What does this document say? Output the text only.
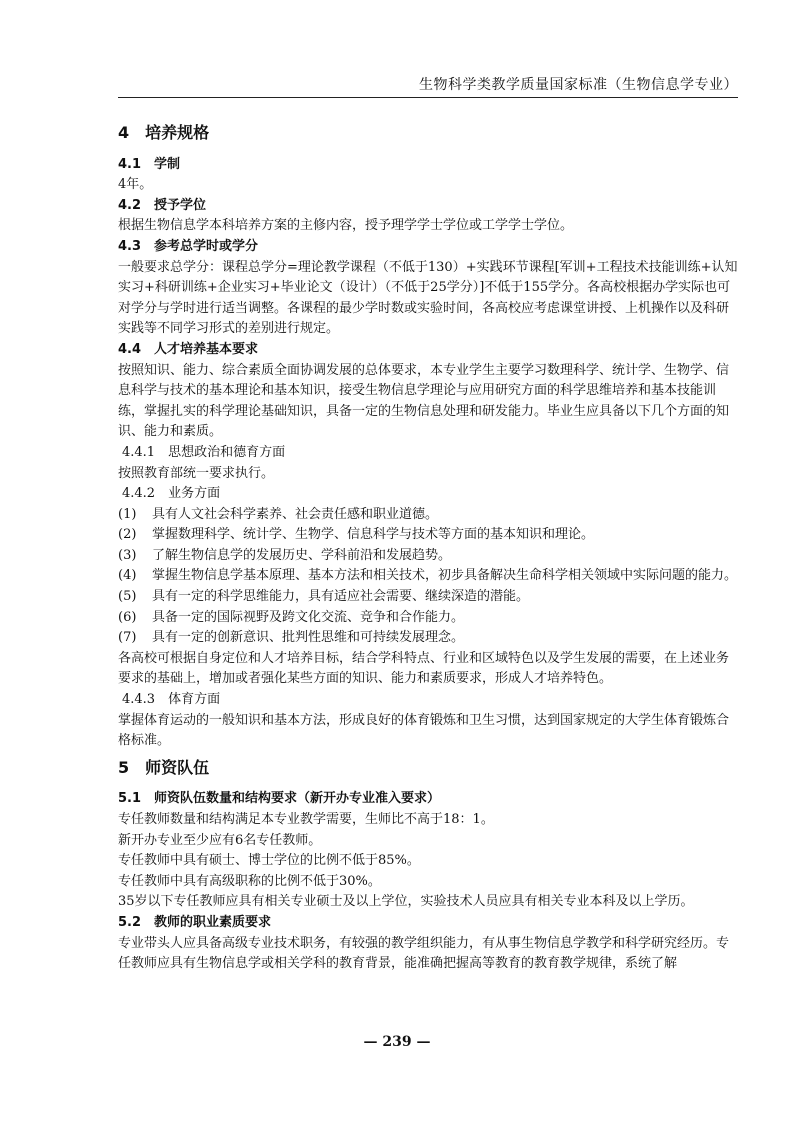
生物科学类教学质量国家标准（生物信息学专业）
4　培养规格
4.1　学制
4年。
4.2　授予学位
根据生物信息学本科培养方案的主修内容，授予理学学士学位或工学学士学位。
4.3　参考总学时或学分
一般要求总学分：课程总学分=理论教学课程（不低于130）+实践环节课程[军训+工程技术技能训练+认知实习+科研训练+企业实习+毕业论文（设计）（不低于25学分）]不低于155学分。各高校根据办学实际也可对学分与学时进行适当调整。各课程的最少学时数或实验时间，各高校应考虑课堂讲授、上机操作以及科研实践等不同学习形式的差别进行规定。
4.4　人才培养基本要求
按照知识、能力、综合素质全面协调发展的总体要求，本专业学生主要学习数理科学、统计学、生物学、信息科学与技术的基本理论和基本知识，接受生物信息学理论与应用研究方面的科学思维培养和基本技能训练，掌握扎实的科学理论基础知识，具备一定的生物信息处理和研发能力。毕业生应具备以下几个方面的知识、能力和素质。
4.4.1　思想政治和德育方面
按照教育部统一要求执行。
4.4.2　业务方面
(1) 具有人文社会科学素养、社会责任感和职业道德。
(2) 掌握数理科学、统计学、生物学、信息科学与技术等方面的基本知识和理论。
(3) 了解生物信息学的发展历史、学科前沿和发展趋势。
(4) 掌握生物信息学基本原理、基本方法和相关技术，初步具备解决生命科学相关领域中实际问题的能力。
(5) 具有一定的科学思维能力，具有适应社会需要、继续深造的潜能。
(6) 具备一定的国际视野及跨文化交流、竞争和合作能力。
(7) 具有一定的创新意识、批判性思维和可持续发展理念。
各高校可根据自身定位和人才培养目标，结合学科特点、行业和区域特色以及学生发展的需要，在上述业务要求的基础上，增加或者强化某些方面的知识、能力和素质要求，形成人才培养特色。
4.4.3　体育方面
掌握体育运动的一般知识和基本方法，形成良好的体育锻炼和卫生习惯，达到国家规定的大学生体育锻炼合格标准。
5　师资队伍
5.1　师资队伍数量和结构要求（新开办专业准入要求）
专任教师数量和结构满足本专业教学需要，生师比不高于18：1。
新开办专业至少应有6名专任教师。
专任教师中具有硕士、博士学位的比例不低于85%。
专任教师中具有高级职称的比例不低于30%。
35岁以下专任教师应具有相关专业硕士及以上学位，实验技术人员应具有相关专业本科及以上学历。
5.2　教师的职业素质要求
专业带头人应具备高级专业技术职务，有较强的教学组织能力，有从事生物信息学教学和科学研究经历。专任教师应具有生物信息学或相关学科的教育背景，能准确把握高等教育的教育教学规律，系统了解
— 239 —
